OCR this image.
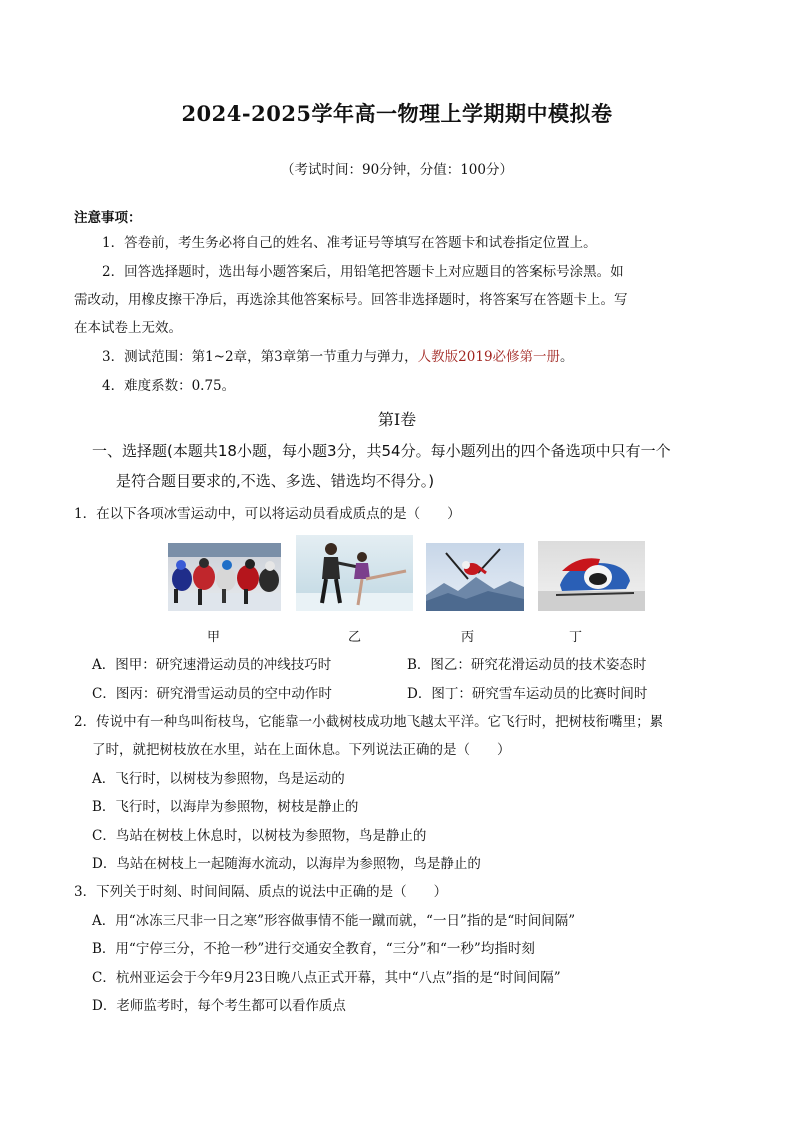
2024-2025学年高一物理上学期期中模拟卷
（考试时间：90分钟，分值：100分）
注意事项：
1．答卷前，考生务必将自己的姓名、准考证号等填写在答题卡和试卷指定位置上。
2．回答选择题时，选出每小题答案后，用铅笔把答题卡上对应题目的答案标号涂黑。如
需改动，用橡皮擦干净后，再选涂其他答案标号。回答非选择题时，将答案写在答题卡上。写
在本试卷上无效。
3．测试范围：第1~2章，第3章第一节重力与弹力，人教版2019必修第一册。
4．难度系数：0.75。
第Ⅰ卷
一、选择题(本题共18小题，每小题3分，共54分。每小题列出的四个备选项中只有一个
是符合题目要求的,不选、多选、错选均不得分。)
1．在以下各项冰雪运动中，可以将运动员看成质点的是（　　）
甲	乙	丙	丁
A．图甲：研究速滑运动员的冲线技巧时	B．图乙：研究花滑运动员的技术姿态时
C．图丙：研究滑雪运动员的空中动作时	D．图丁：研究雪车运动员的比赛时间时
2．传说中有一种鸟叫衔枝鸟，它能靠一小截树枝成功地飞越太平洋。它飞行时，把树枝衔嘴里；累
了时，就把树枝放在水里，站在上面休息。下列说法正确的是（　　）
A．飞行时，以树枝为参照物，鸟是运动的
B．飞行时，以海岸为参照物，树枝是静止的
C．鸟站在树枝上休息时，以树枝为参照物，鸟是静止的
D．鸟站在树枝上一起随海水流动，以海岸为参照物，鸟是静止的
3．下列关于时刻、时间间隔、质点的说法中正确的是（　　）
A．用“冰冻三尺非一日之寒”形容做事情不能一蹴而就，“一日”指的是“时间间隔”
B．用“宁停三分，不抢一秒”进行交通安全教育，“三分”和“一秒”均指时刻
C．杭州亚运会于今年9月23日晚八点正式开幕，其中“八点”指的是“时间间隔”
D．老师监考时，每个考生都可以看作质点
